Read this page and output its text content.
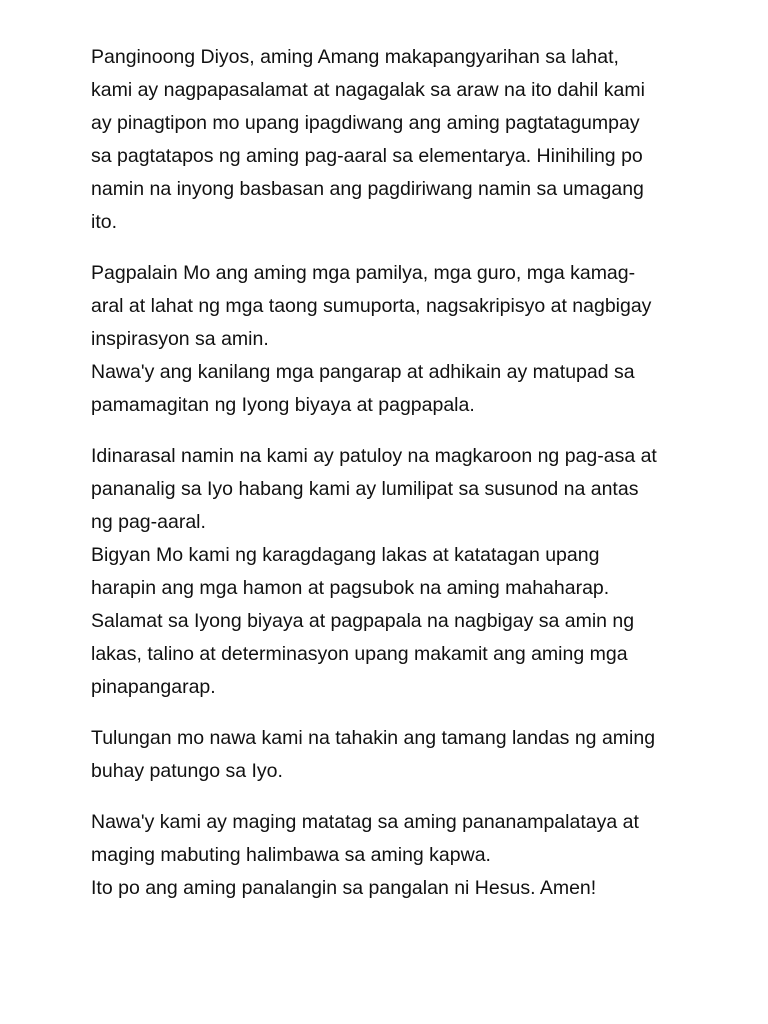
Panginoong Diyos, aming Amang makapangyarihan sa lahat,
kami ay nagpapasalamat at nagagalak sa araw na ito dahil kami
ay pinagtipon mo upang ipagdiwang ang aming pagtatagumpay
sa pagtatapos ng aming pag-aaral sa elementarya. Hinihiling po
namin na inyong basbasan ang pagdiriwang namin sa umagang
ito.

Pagpalain Mo ang aming mga pamilya, mga guro, mga kamag-
aral at lahat ng mga taong sumuporta, nagsakripisyo at nagbigay
inspirasyon sa amin.
Nawa'y ang kanilang mga pangarap at adhikain ay matupad sa
pamamagitan ng Iyong biyaya at pagpapala.

Idinarasal namin na kami ay patuloy na magkaroon ng pag-asa at
pananalig sa Iyo habang kami ay lumilipat sa susunod na antas
ng pag-aaral.
Bigyan Mo kami ng karagdagang lakas at katatagan upang
harapin ang mga hamon at pagsubok na aming mahaharap.
Salamat sa Iyong biyaya at pagpapala na nagbigay sa amin ng
lakas, talino at determinasyon upang makamit ang aming mga
pinapangarap.

Tulungan mo nawa kami na tahakin ang tamang landas ng aming
buhay patungo sa Iyo.

Nawa'y kami ay maging matatag sa aming pananampalataya at
maging mabuting halimbawa sa aming kapwa.
Ito po ang aming panalangin sa pangalan ni Hesus. Amen!
